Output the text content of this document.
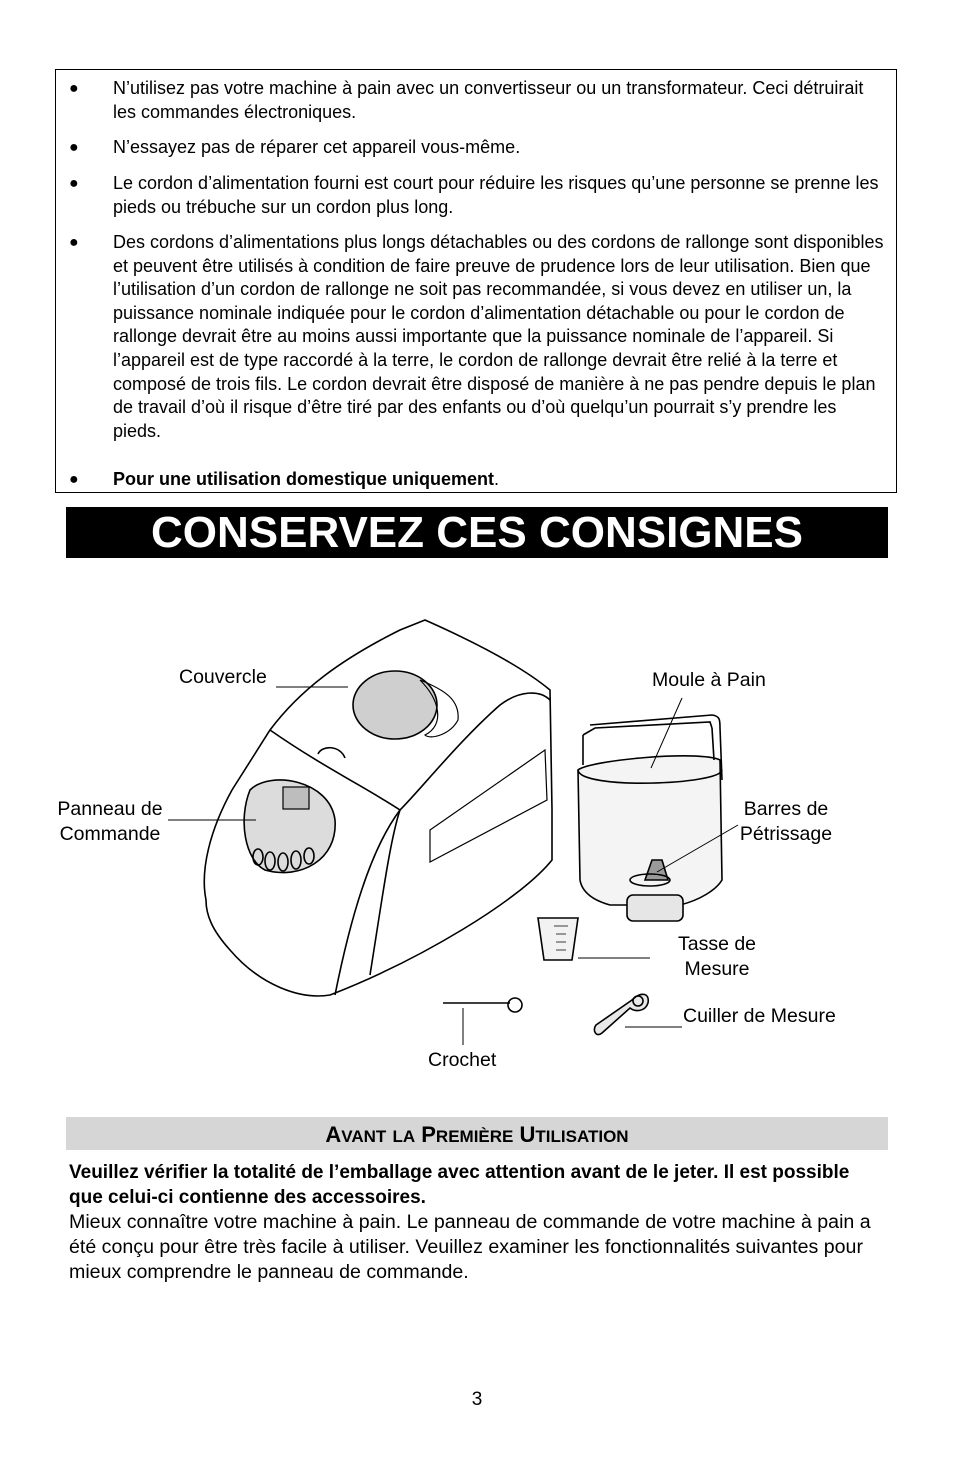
● N’utilisez pas votre machine à pain avec un convertisseur ou un transformateur. Ceci détruirait les commandes électroniques.
● N’essayez pas de réparer cet appareil vous-même.
● Le cordon d’alimentation fourni est court pour réduire les risques qu’une personne se prenne les pieds ou trébuche sur un cordon plus long.
● Des cordons d’alimentations plus longs détachables ou des cordons de rallonge sont disponibles et peuvent être utilisés à condition de faire preuve de prudence lors de leur utilisation. Bien que l’utilisation d’un cordon de rallonge ne soit pas recommandée, si vous devez en utiliser un, la puissance nominale indiquée pour le cordon d’alimentation détachable ou pour le cordon de rallonge devrait être au moins aussi importante que la puissance nominale de l’appareil. Si l’appareil est de type raccordé à la terre, le cordon de rallonge devrait être relié à la terre et composé de trois fils. Le cordon devrait être disposé de manière à ne pas pendre depuis le plan de travail d’où il risque d’être tiré par des enfants ou d’où quelqu’un pourrait s’y prendre les pieds.
● Pour une utilisation domestique uniquement.
CONSERVEZ CES CONSIGNES
Couvercle
Panneau de
Commande
Moule à Pain
Barres de
Pétrissage
Tasse de
Mesure
Cuiller de Mesure
Crochet
AVANT LA PREMIÈRE UTILISATION
Veuillez vérifier la totalité de l’emballage avec attention avant de le jeter. Il est possible que celui-ci contienne des accessoires.
Mieux connaître votre machine à pain. Le panneau de commande de votre machine à pain a été conçu pour être très facile à utiliser. Veuillez examiner les fonctionnalités suivantes pour mieux comprendre le panneau de commande.
3
